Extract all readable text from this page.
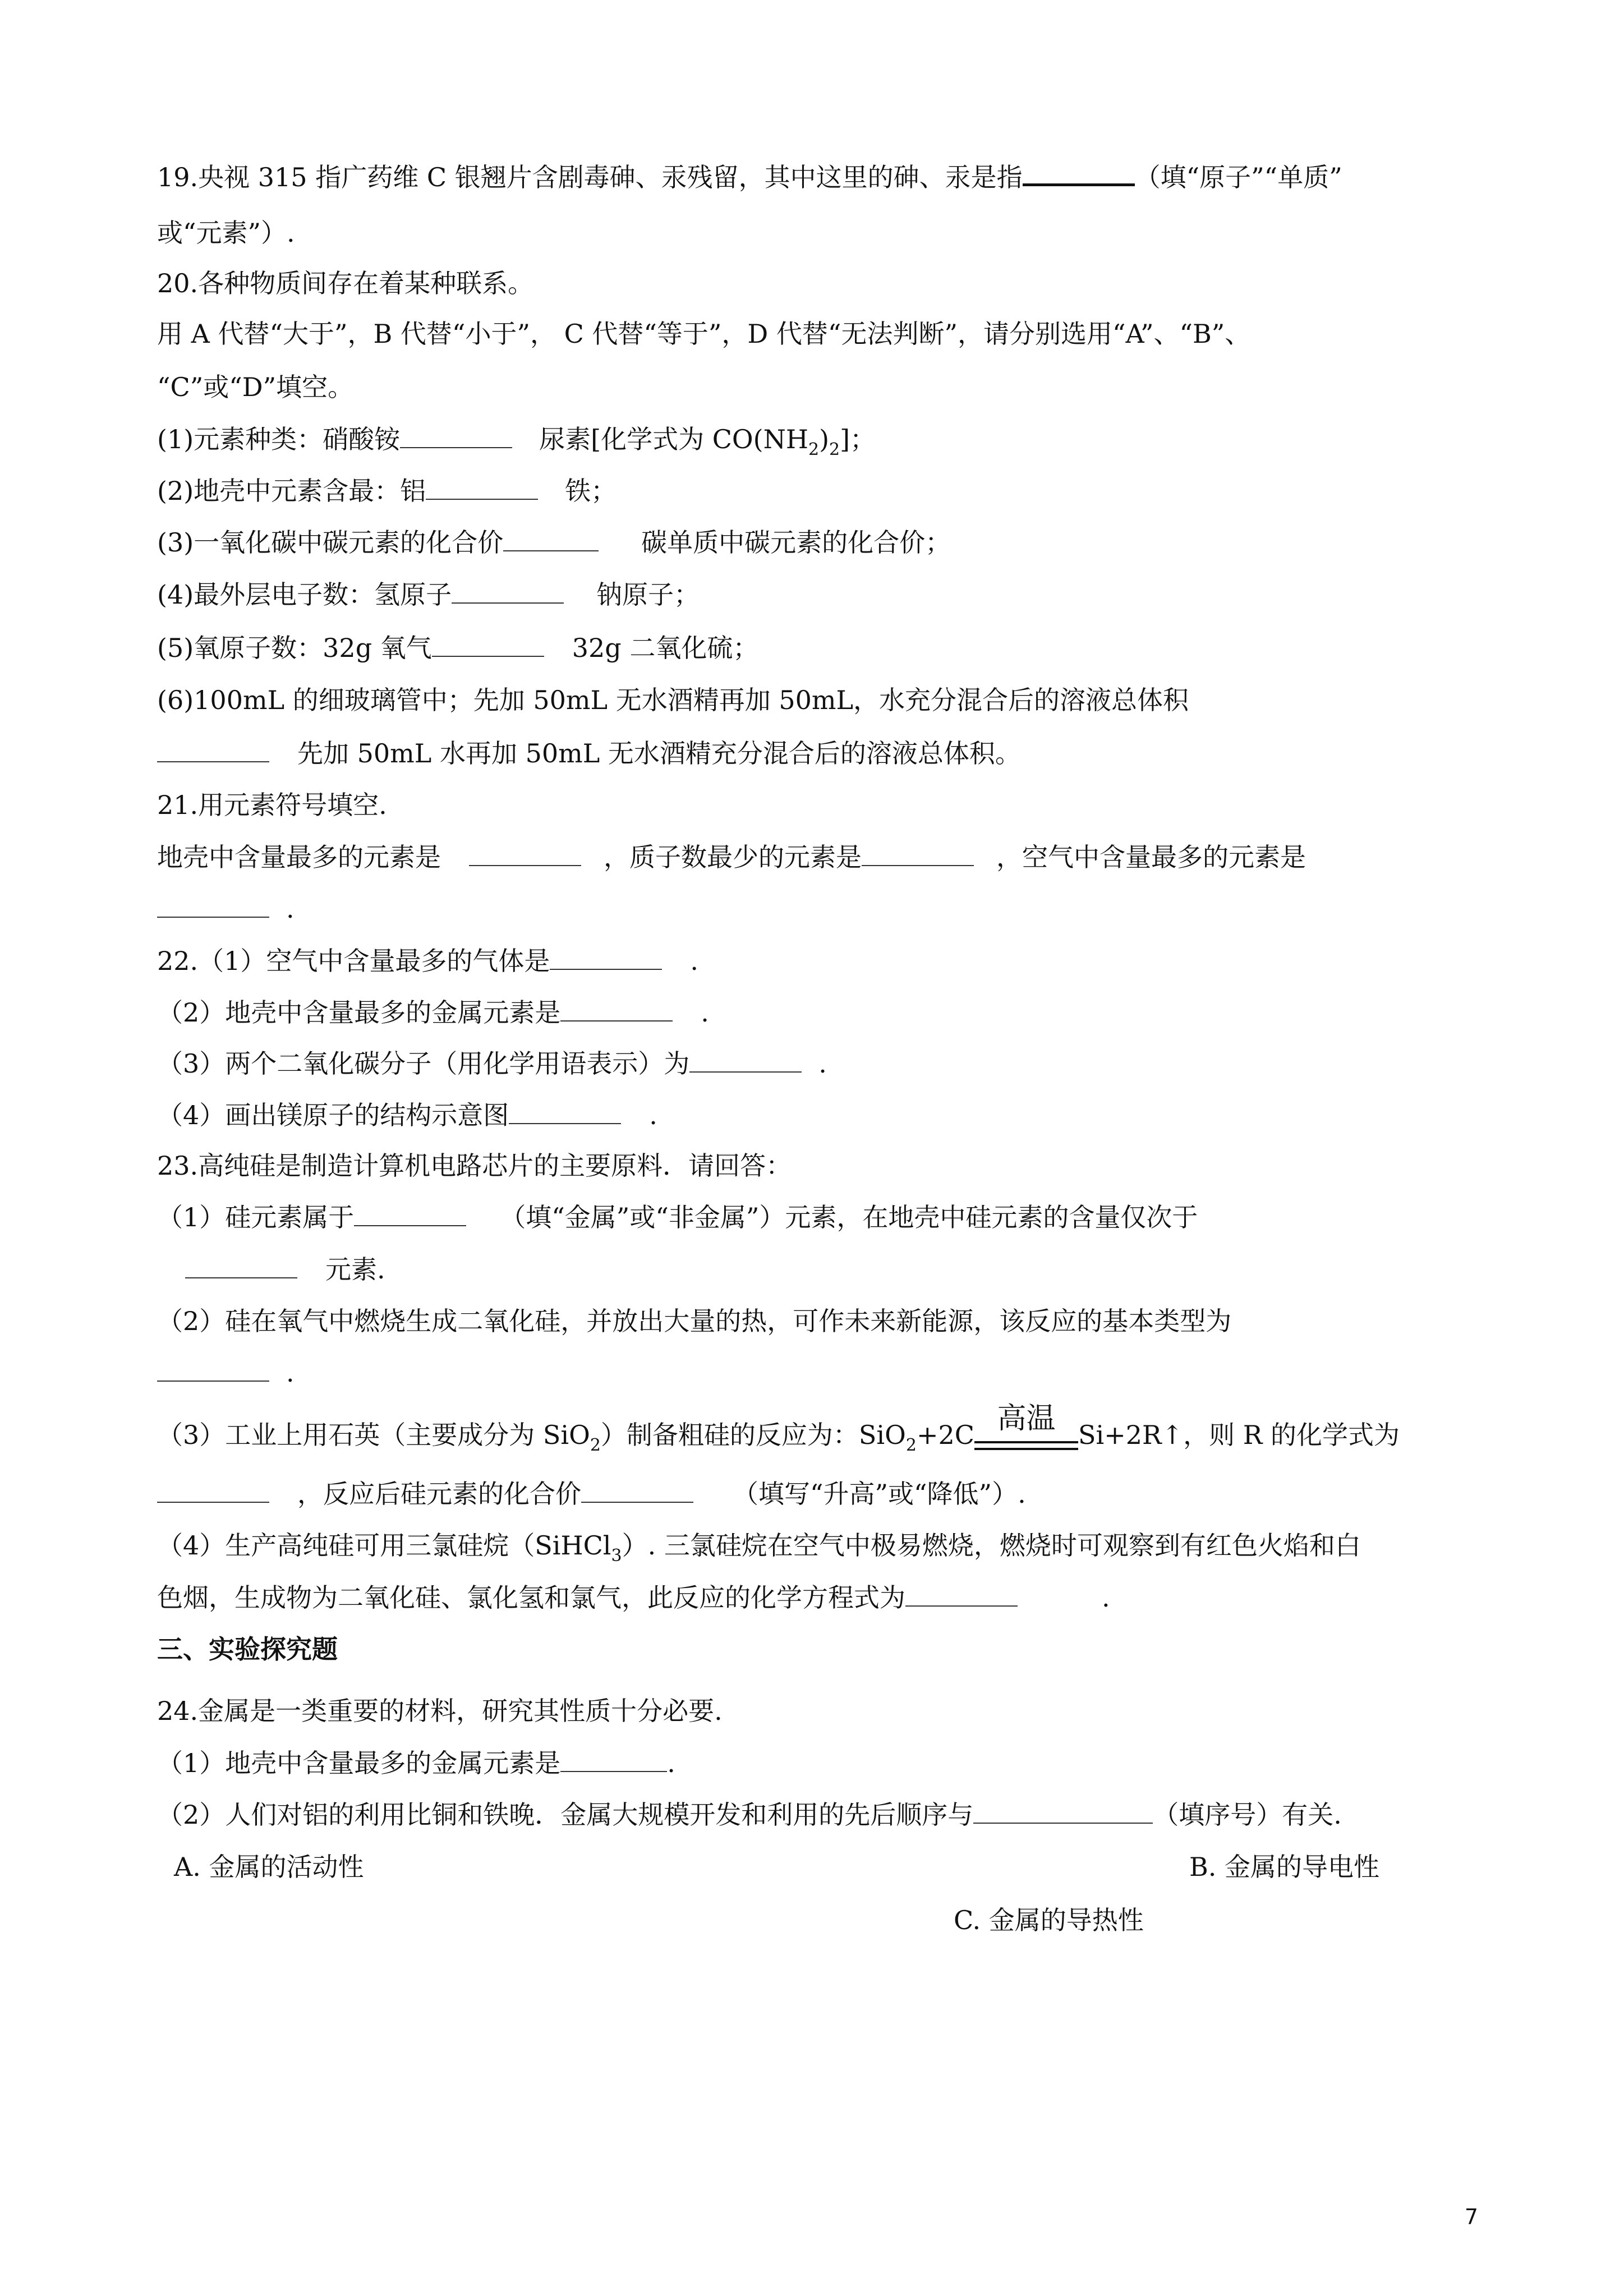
19.央视 315 指广药维 C 银翘片含剧毒砷、汞残留，其中这里的砷、汞是指	（填“原子”“单质”
或“元素”）.
20.各种物质间存在着某种联系。
用 A 代替“大于”，B 代替“小于”， C 代替“等于”，D 代替“无法判断”，请分别选用“A”、“B”、
“C”或“D”填空。
(1)元素种类：硝酸铵	尿素[化学式为 $CO(NH_2)_2$]；
(2)地壳中元素含最：铝	铁；
(3)一氧化碳中碳元素的化合价	碳单质中碳元素的化合价；
(4)最外层电子数：氢原子	钠原子；
(5)氧原子数：32g 氧气	32g 二氧化硫；
(6)100mL 的细玻璃管中；先加 50mL 无水酒精再加 50mL，水充分混合后的溶液总体积
先加 50mL 水再加 50mL 无水酒精充分混合后的溶液总体积。
21.用元素符号填空.
地壳中含量最多的元素是	，质子数最少的元素是	，空气中含量最多的元素是
.
22.（1）空气中含量最多的气体是	.
（2）地壳中含量最多的金属元素是	.
（3）两个二氧化碳分子（用化学用语表示）为	.
（4）画出镁原子的结构示意图	.
23.高纯硅是制造计算机电路芯片的主要原料．请回答：
（1）硅元素属于	（填“金属”或“非金属”）元素，在地壳中硅元素的含量仅次于
元素.
（2）硅在氧气中燃烧生成二氧化硅，并放出大量的热，可作未来新能源，该反应的基本类型为
.
（3）工业上用石英（主要成分为 SiO$_2$）制备粗硅的反应为：SiO$_2$+2C 高温 Si+2R↑，则 R 的化学式为
，反应后硅元素的化合价	（填写“升高”或“降低”）.
（4）生产高纯硅可用三氯硅烷（SiHCl$_3$）. 三氯硅烷在空气中极易燃烧，燃烧时可观察到有红色火焰和白
色烟，生成物为二氧化硅、氯化氢和氯气，此反应的化学方程式为	.
三、实验探究题
24.金属是一类重要的材料，研究其性质十分必要.
（1）地壳中含量最多的金属元素是	.
（2）人们对铝的利用比铜和铁晚．金属大规模开发和利用的先后顺序与	（填序号）有关.
A. 金属的活动性	B. 金属的导电性
C. 金属的导热性
7
